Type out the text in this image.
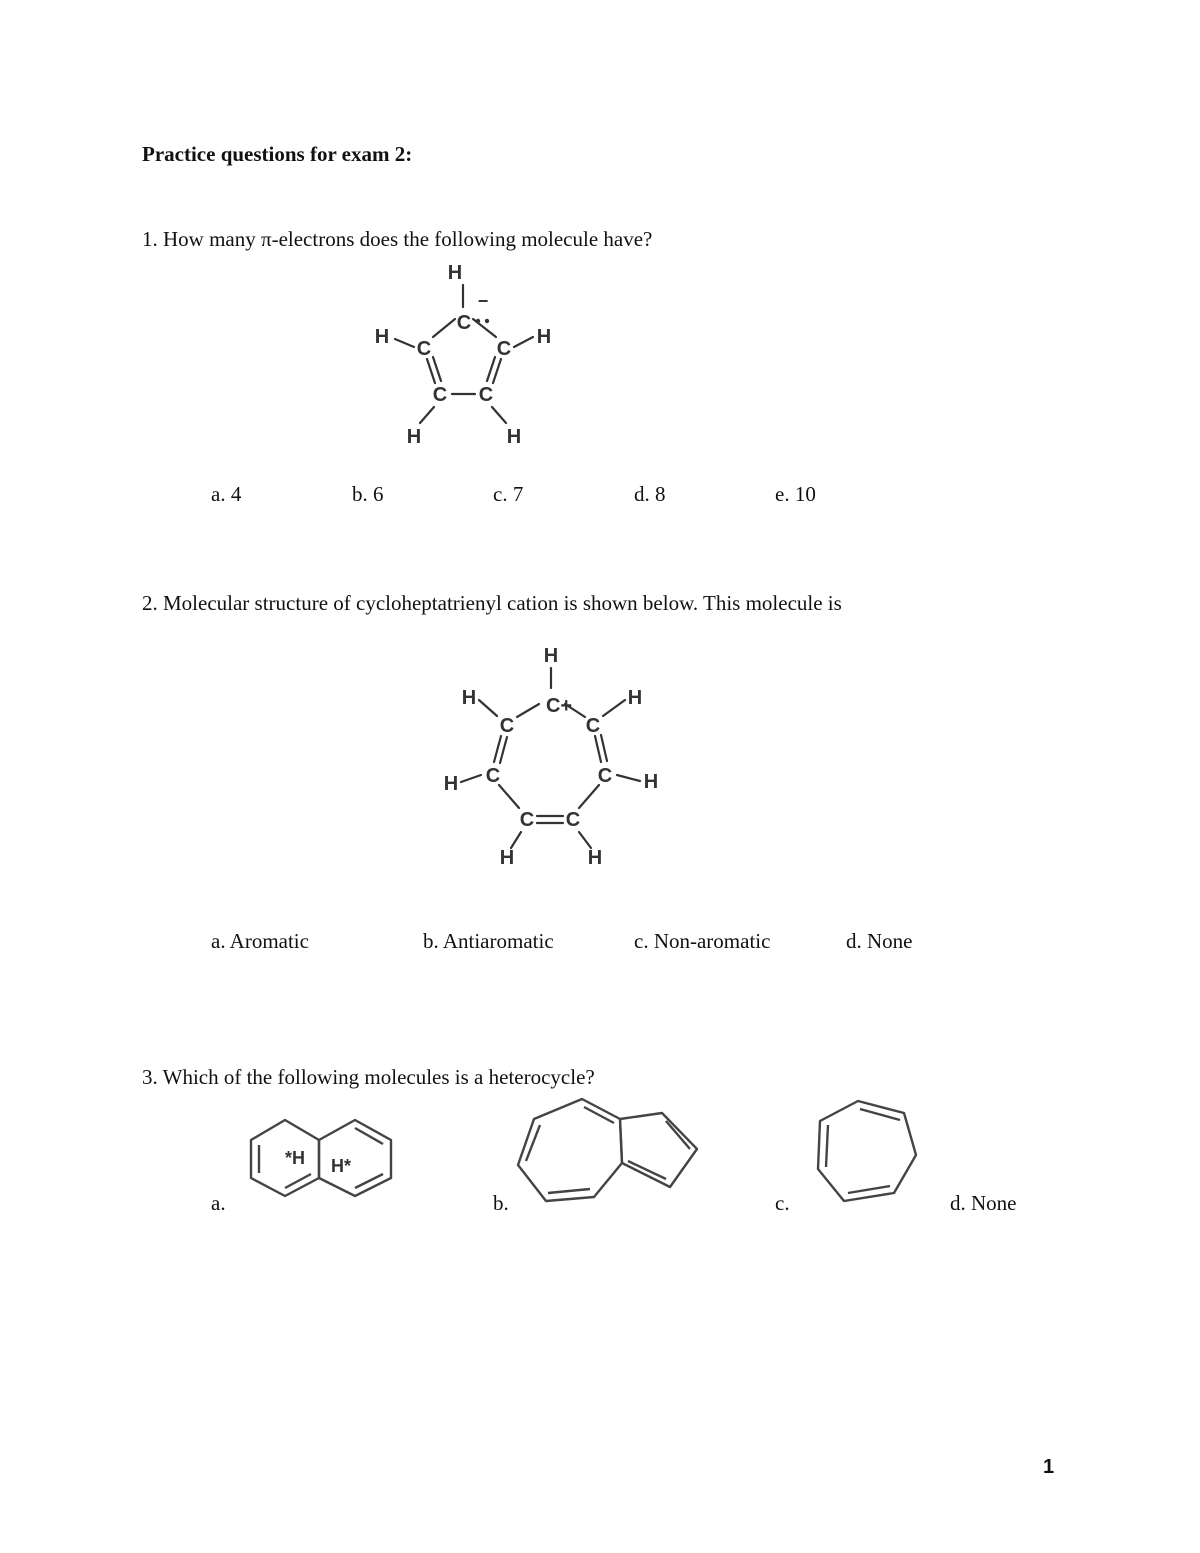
Practice questions for exam 2:
1. How many π-electrons does the following molecule have?
H
C
−
C	C
C C
H	H
H	H
a. 4	b. 6	c. 7	d. 8	e. 10
2. Molecular structure of cycloheptatrienyl cation is shown below. This molecule is
H
C+
C	C
C	C
C C
H	H
H	H
H	H
a. Aromatic	b. Antiaromatic	c. Non-aromatic	d. None
3. Which of the following molecules is a heterocycle?
a.
*H H*
b.	c.	d. None
1
